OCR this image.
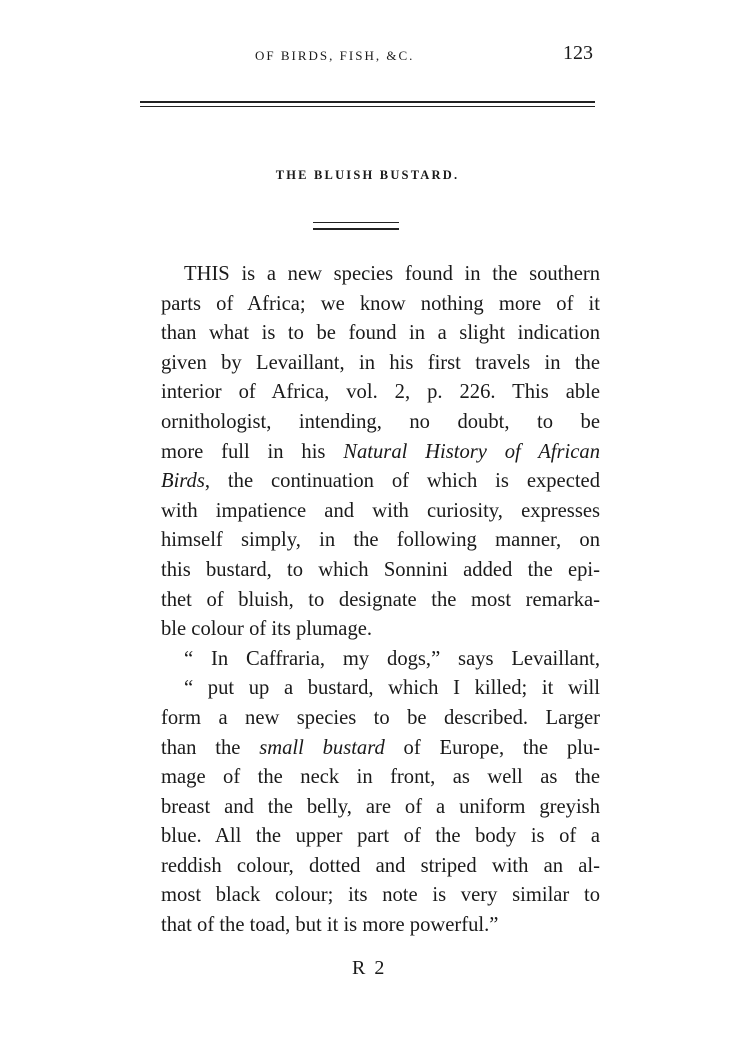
OF BIRDS, FISH, &C.	123
THE BLUISH BUSTARD.

THIS is a new species found in the southern
parts of Africa; we know nothing more of it
than what is to be found in a slight indication
given by Levaillant, in his first travels in the
interior of Africa, vol. 2, p. 226. This able
ornithologist, intending, no doubt, to be
more full in his Natural History of African
Birds, the continuation of which is expected
with impatience and with curiosity, expresses
himself simply, in the following manner, on
this bustard, to which Sonnini added the epi-
thet of bluish, to designate the most remarka-
ble colour of its plumage.

“ In Caffraria, my dogs,” says Levaillant,
“ put up a bustard, which I killed; it will
form a new species to be described. Larger
than the small bustard of Europe, the plu-
mage of the neck in front, as well as the
breast and the belly, are of a uniform greyish
blue. All the upper part of the body is of a
reddish colour, dotted and striped with an al-
most black colour; its note is very similar to
that of the toad, but it is more powerful.”

R 2
